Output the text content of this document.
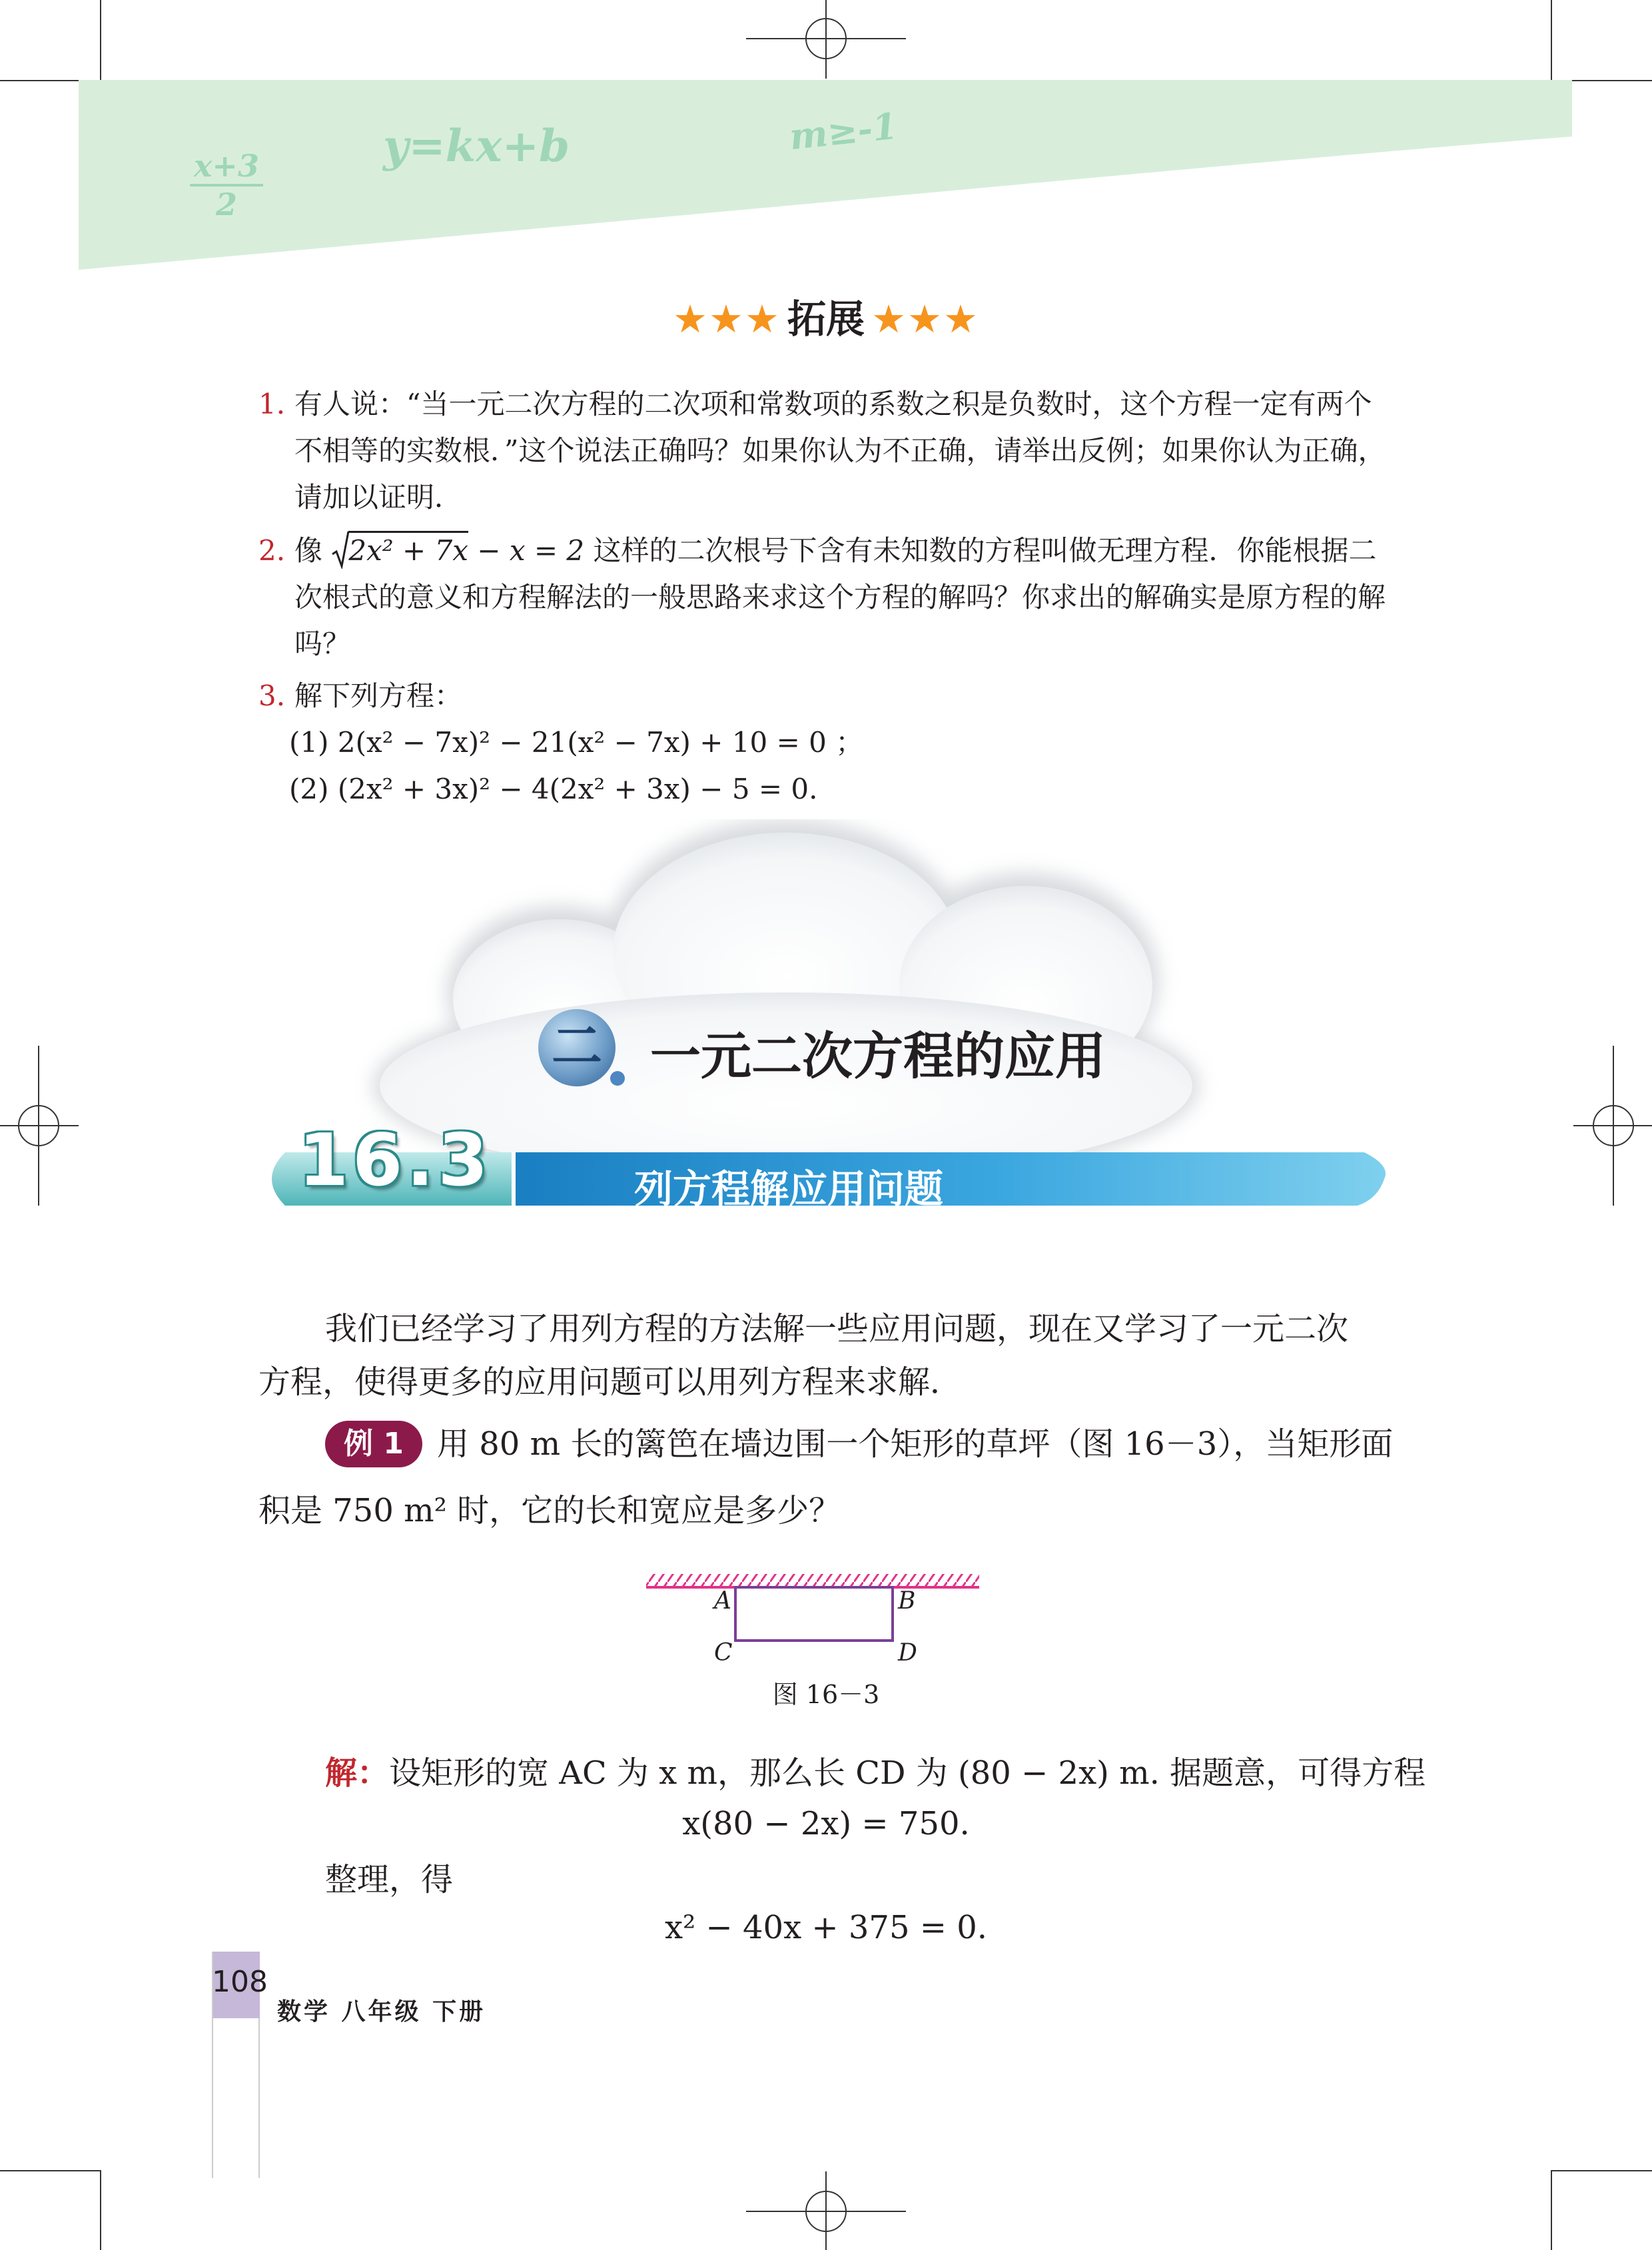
x+3
2
y=kx+b	m≥-1
★★★ 拓展 ★★★
1. 有人说：“当一元二次方程的二次项和常数项的系数之积是负数时，这个方程一定有两个不相等的实数根．”这个说法正确吗？如果你认为不正确，请举出反例；如果你认为正确，请加以证明．
2. 像 2x² + 7x − x = 2 这样的二次根号下含有未知数的方程叫做无理方程．你能根据二次根式的意义和方程解法的一般思路来求这个方程的解吗？你求出的解确实是原方程的解吗？
3. 解下列方程：
(1) 2(x² − 7x)² − 21(x² − 7x) + 10 = 0 ；
(2) (2x² + 3x)² − 4(2x² + 3x) − 5 = 0.
二 一元二次方程的应用
16.3	列方程解应用问题
我们已经学习了用列方程的方法解一些应用问题，现在又学习了一元二次
方程，使得更多的应用问题可以用列方程来求解．
例 1	用 80 m 长的篱笆在墙边围一个矩形的草坪（图 16－3），当矩形面
积是 750 m² 时，它的长和宽应是多少？
A	B
C	D
图 16－3
解：设矩形的宽 AC 为 x m，那么长 CD 为 (80 − 2x) m. 据题意，可得方程
x(80 − 2x) = 750.
整理，得
x² − 40x + 375 = 0.
108
数学 八年级 下册
